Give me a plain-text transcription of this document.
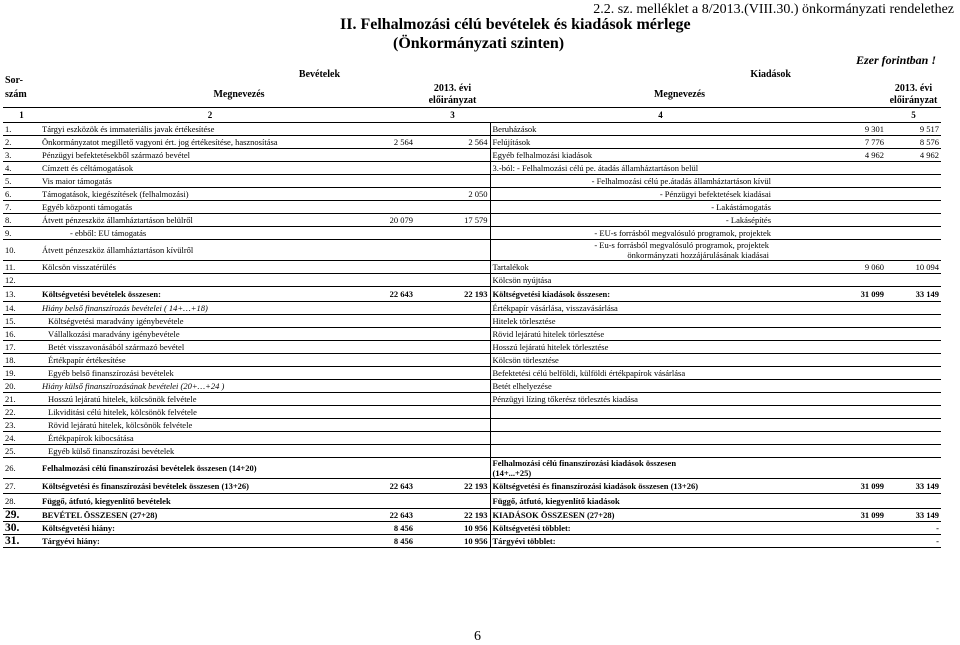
2.2. sz. melléklet a 8/2013.(VIII.30.) önkormányzati rendelethez
II. Felhalmozási célú bevételek és kiadások mérlege
(Önkormányzati szinten)
Ezer forintban !
Sor-
szám	Bevételek			Kiadások		
	Megnevezés		2013. évi
előirányzat	Megnevezés		2013. évi
előirányzat
1	2		3	4		5
1.	Tárgyi eszközök és immateriális javak értékesítése			Beruházások	9 301	9 517
2.	Önkormányzatot megillető vagyoni ért. jog értékesítése, hasznosítása	2 564	2 564	Felújítások	7 776	8 576
3.	Pénzügyi befektetésekből származó bevétel			Egyéb felhalmozási kiadások	4 962	4 962
4.	Címzett és céltámogatások			3.-ból: - Felhalmozási célú pe. átadás államháztartáson belül		
5.	Vis maior támogatás			- Felhalmozási célú pe.átadás államháztartáson kívül		
6.	Támogatások, kiegészítések (felhalmozási)		2 050	- Pénzügyi befektetések kiadásai		
7.	Egyéb központi támogatás			- Lakástámogatás		
8.	Átvett pénzeszköz államháztartáson belülről	20 079	17 579	- Lakásépítés		
9.	- ebből: EU támogatás			- EU-s forrásból megvalósuló programok, projektek		
10.	Átvett pénzeszköz államháztartáson kívülről			- Eu-s forrásból megvalósuló programok, projektek
önkormányzati hozzájárulásának kiadásai		

11.	Kölcsön visszatérülés			Tartalékok	9 060	10 094
12.				Kölcsön nyújtása		
13.	Költségvetési bevételek összesen:	22 643	22 193	Költségvetési kiadások összesen:	31 099	33 149
14.	Hiány belső finanszírozás bevételei ( 14+…+18)			Értékpapír vásárlása, visszavásárlása		
15.	Költségvetési maradvány igénybevétele			Hitelek törlesztése		
16.	Vállalkozási maradvány igénybevétele			Rövid lejáratú hitelek törlesztése		
17.	Betét visszavonásából származó bevétel			Hosszú lejáratú hitelek törlesztése		
18.	Értékpapír értékesítése			Kölcsön törlesztése		
19.	Egyéb belső finanszírozási bevételek			Befektetési célú belföldi, külföldi értékpapírok vásárlása		
20.	Hiány külső finanszírozásának bevételei (20+…+24 )			Betét elhelyezése		
21.	Hosszú lejáratú hitelek, kölcsönök felvétele			Pénzügyi lízing tőkerész törlesztés kiadása		
22.	Likviditási célú hitelek, kölcsönök felvétele					
23.	Rövid lejáratú hitelek, kölcsönök felvétele					
24.	Értékpapírok kibocsátása					
25.	Egyéb külső finanszírozási bevételek					
26.	Felhalmozási célú finanszírozási bevételek összesen (14+20)			Felhalmozási célú finanszírozási kiadások összesen
(14+...+25)		

27.	Költségvetési és finanszírozási bevételek összesen (13+26)	22 643	22 193	Költségvetési és finanszírozási kiadások összesen (13+26)	31 099	33 149
28.	Függő, átfutó, kiegyenlítő bevételek			Függő, átfutó, kiegyenlítő kiadások		
29.	BEVÉTEL ÖSSZESEN (27+28)	22 643	22 193	KIADÁSOK ÖSSZESEN (27+28)	31 099	33 149
30.	Költségvetési hiány:	8 456	10 956	Költségvetési többlet:		-
31.	Tárgyévi hiány:	8 456	10 956	Tárgyévi többlet:		-
6
